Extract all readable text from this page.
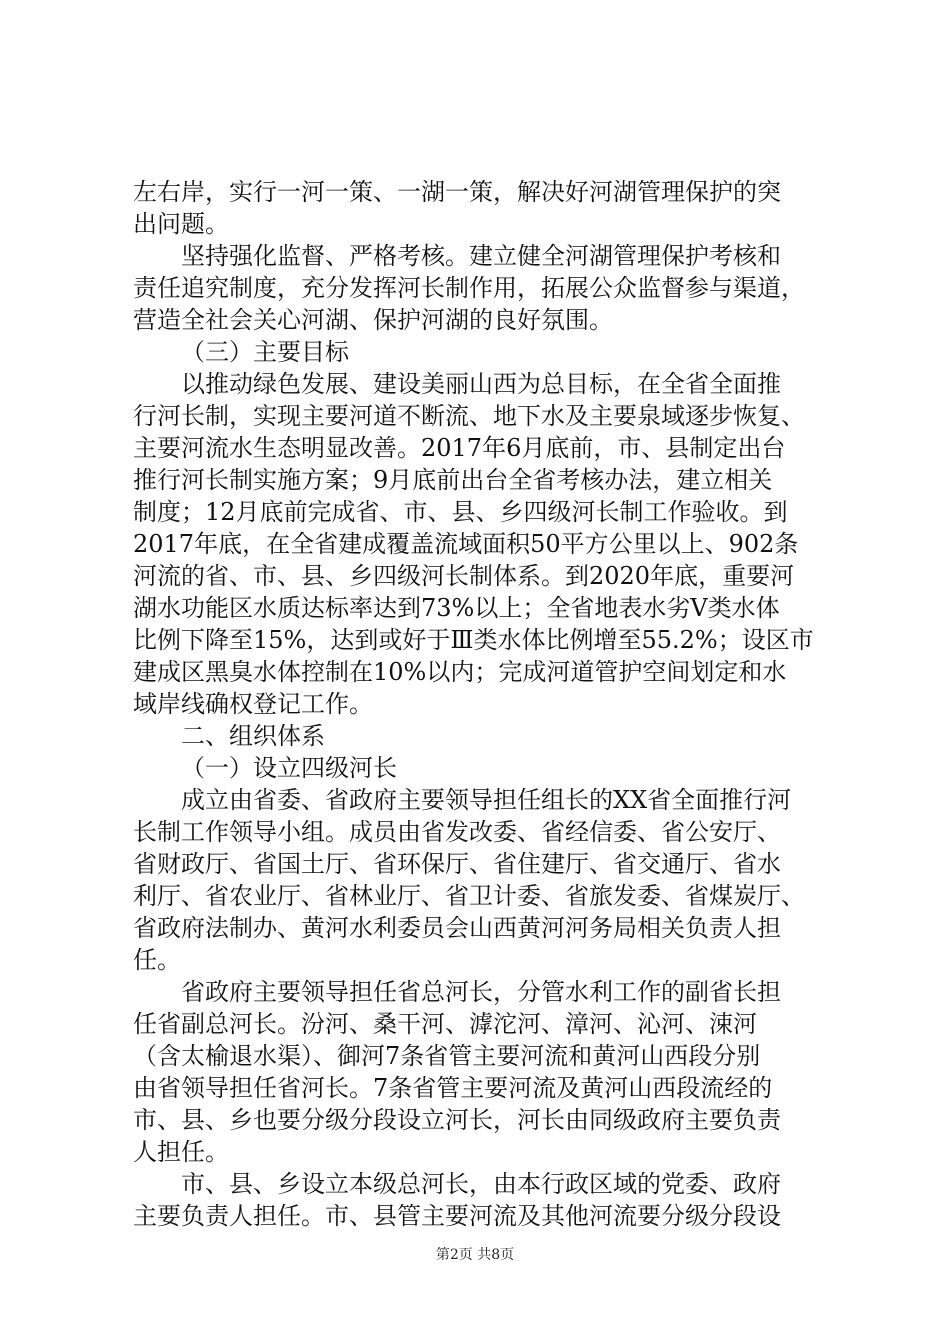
左右岸，实行一河一策、一湖一策，解决好河湖管理保护的突
出问题。
坚持强化监督、严格考核。建立健全河湖管理保护考核和
责任追究制度，充分发挥河长制作用，拓展公众监督参与渠道，
营造全社会关心河湖、保护河湖的良好氛围。
（三）主要目标
以推动绿色发展、建设美丽山西为总目标，在全省全面推
行河长制，实现主要河道不断流、地下水及主要泉域逐步恢复、
主要河流水生态明显改善。2017年6月底前，市、县制定出台
推行河长制实施方案；9月底前出台全省考核办法，建立相关
制度；12月底前完成省、市、县、乡四级河长制工作验收。到
2017年底，在全省建成覆盖流域面积50平方公里以上、902条
河流的省、市、县、乡四级河长制体系。到2020年底，重要河
湖水功能区水质达标率达到73%以上；全省地表水劣Ⅴ类水体
比例下降至15%，达到或好于Ⅲ类水体比例增至55.2%；设区市
建成区黑臭水体控制在10%以内；完成河道管护空间划定和水
域岸线确权登记工作。
二、组织体系
（一）设立四级河长
成立由省委、省政府主要领导担任组长的XX省全面推行河
长制工作领导小组。成员由省发改委、省经信委、省公安厅、
省财政厅、省国土厅、省环保厅、省住建厅、省交通厅、省水
利厅、省农业厅、省林业厅、省卫计委、省旅发委、省煤炭厅、
省政府法制办、黄河水利委员会山西黄河河务局相关负责人担
任。
省政府主要领导担任省总河长，分管水利工作的副省长担
任省副总河长。汾河、桑干河、滹沱河、漳河、沁河、涑河
（含太榆退水渠）、御河7条省管主要河流和黄河山西段分别
由省领导担任省河长。7条省管主要河流及黄河山西段流经的
市、县、乡也要分级分段设立河长，河长由同级政府主要负责
人担任。
市、县、乡设立本级总河长，由本行政区域的党委、政府
主要负责人担任。市、县管主要河流及其他河流要分级分段设
第2页 共8页
